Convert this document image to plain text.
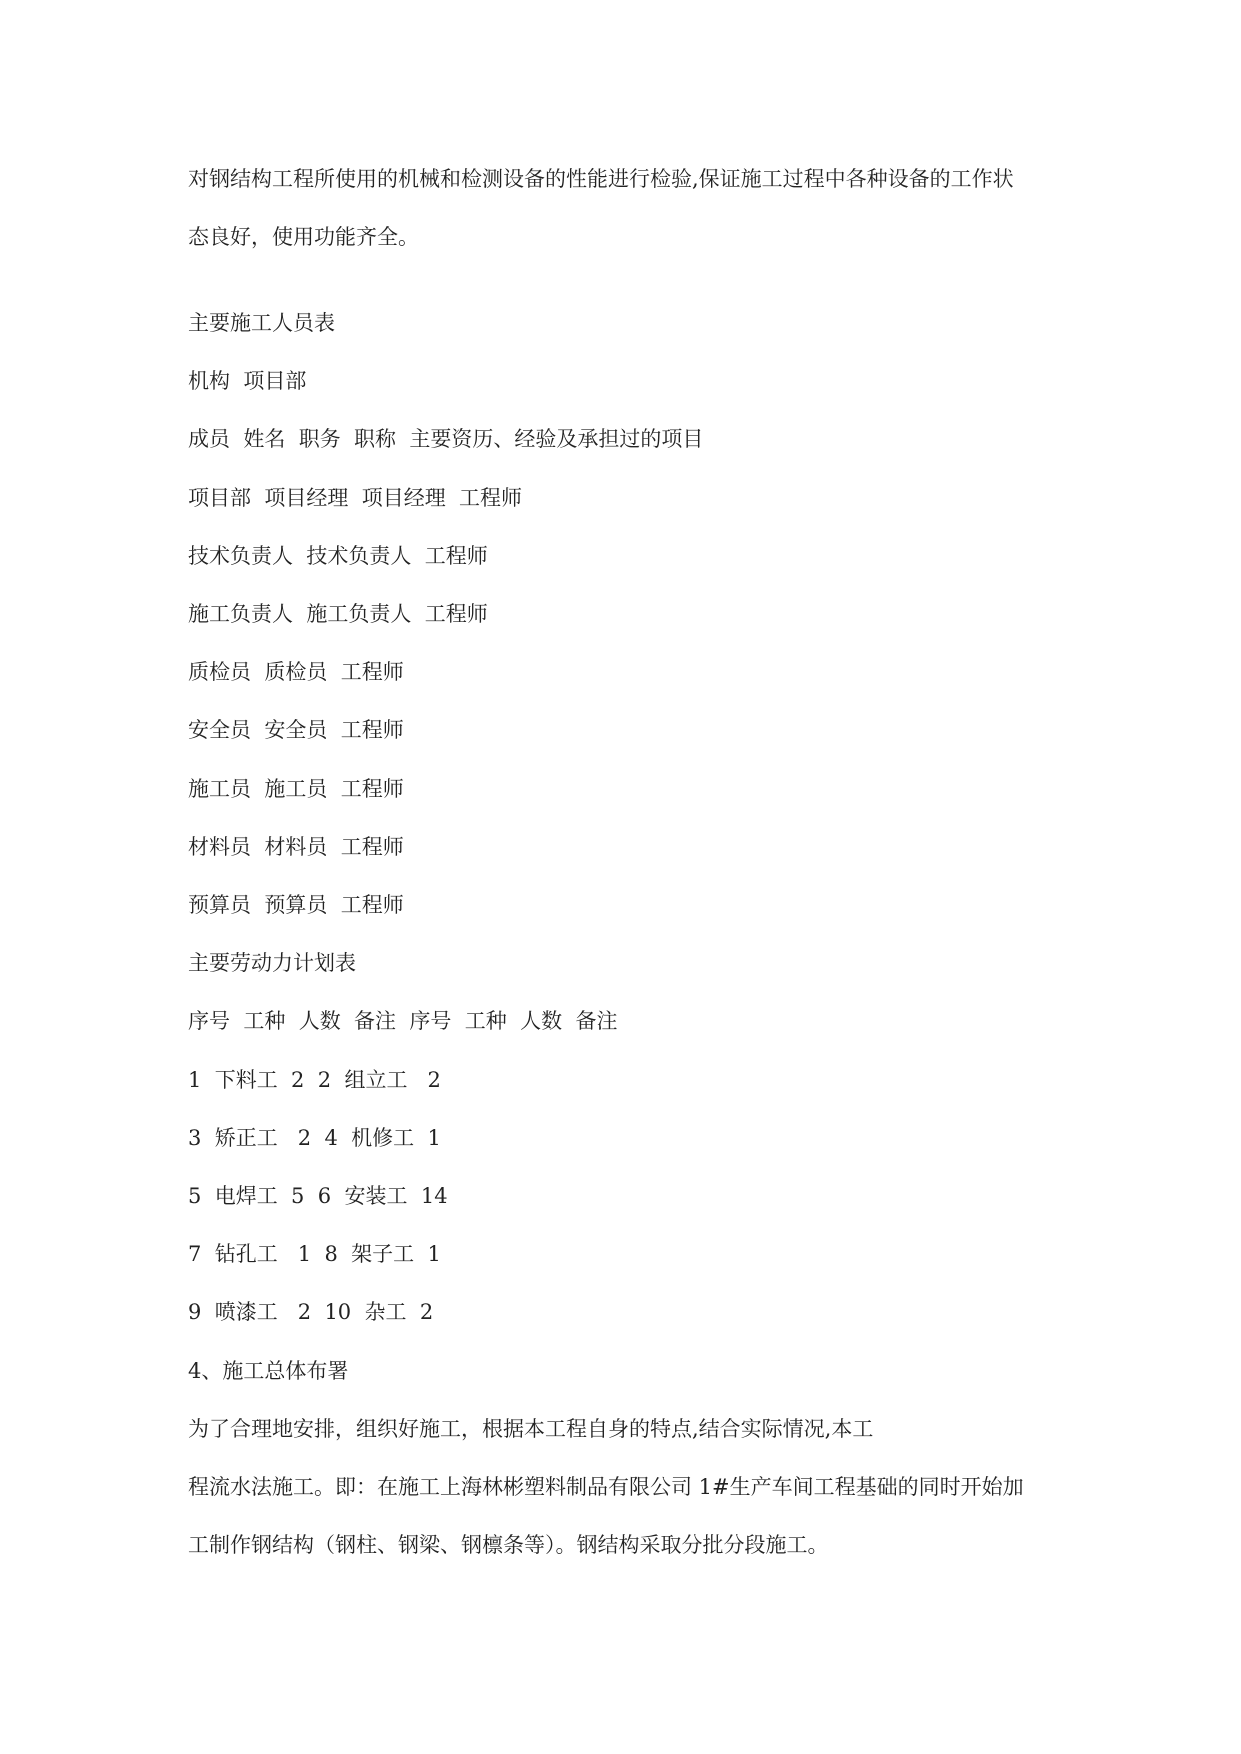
对钢结构工程所使用的机械和检测设备的性能进行检验,保证施工过程中各种设备的工作状
态良好，使用功能齐全。
主要施工人员表
机构  项目部
成员  姓名  职务  职称  主要资历、经验及承担过的项目
项目部  项目经理  项目经理  工程师
技术负责人  技术负责人  工程师
施工负责人  施工负责人  工程师
质检员  质检员  工程师
安全员  安全员  工程师
施工员  施工员  工程师
材料员  材料员  工程师
预算员  预算员  工程师
主要劳动力计划表
序号  工种  人数  备注  序号  工种  人数  备注
1  下料工  2  2  组立工   2
3  矫正工   2  4  机修工  1
5  电焊工  5  6  安装工  14
7  钻孔工   1  8  架子工  1
9  喷漆工   2  10  杂工  2
4、施工总体布署
为了合理地安排，组织好施工，根据本工程自身的特点,结合实际情况,本工
程流水法施工。即：在施工上海林彬塑料制品有限公司 1#生产车间工程基础的同时开始加
工制作钢结构（钢柱、钢梁、钢檩条等）。钢结构采取分批分段施工。
